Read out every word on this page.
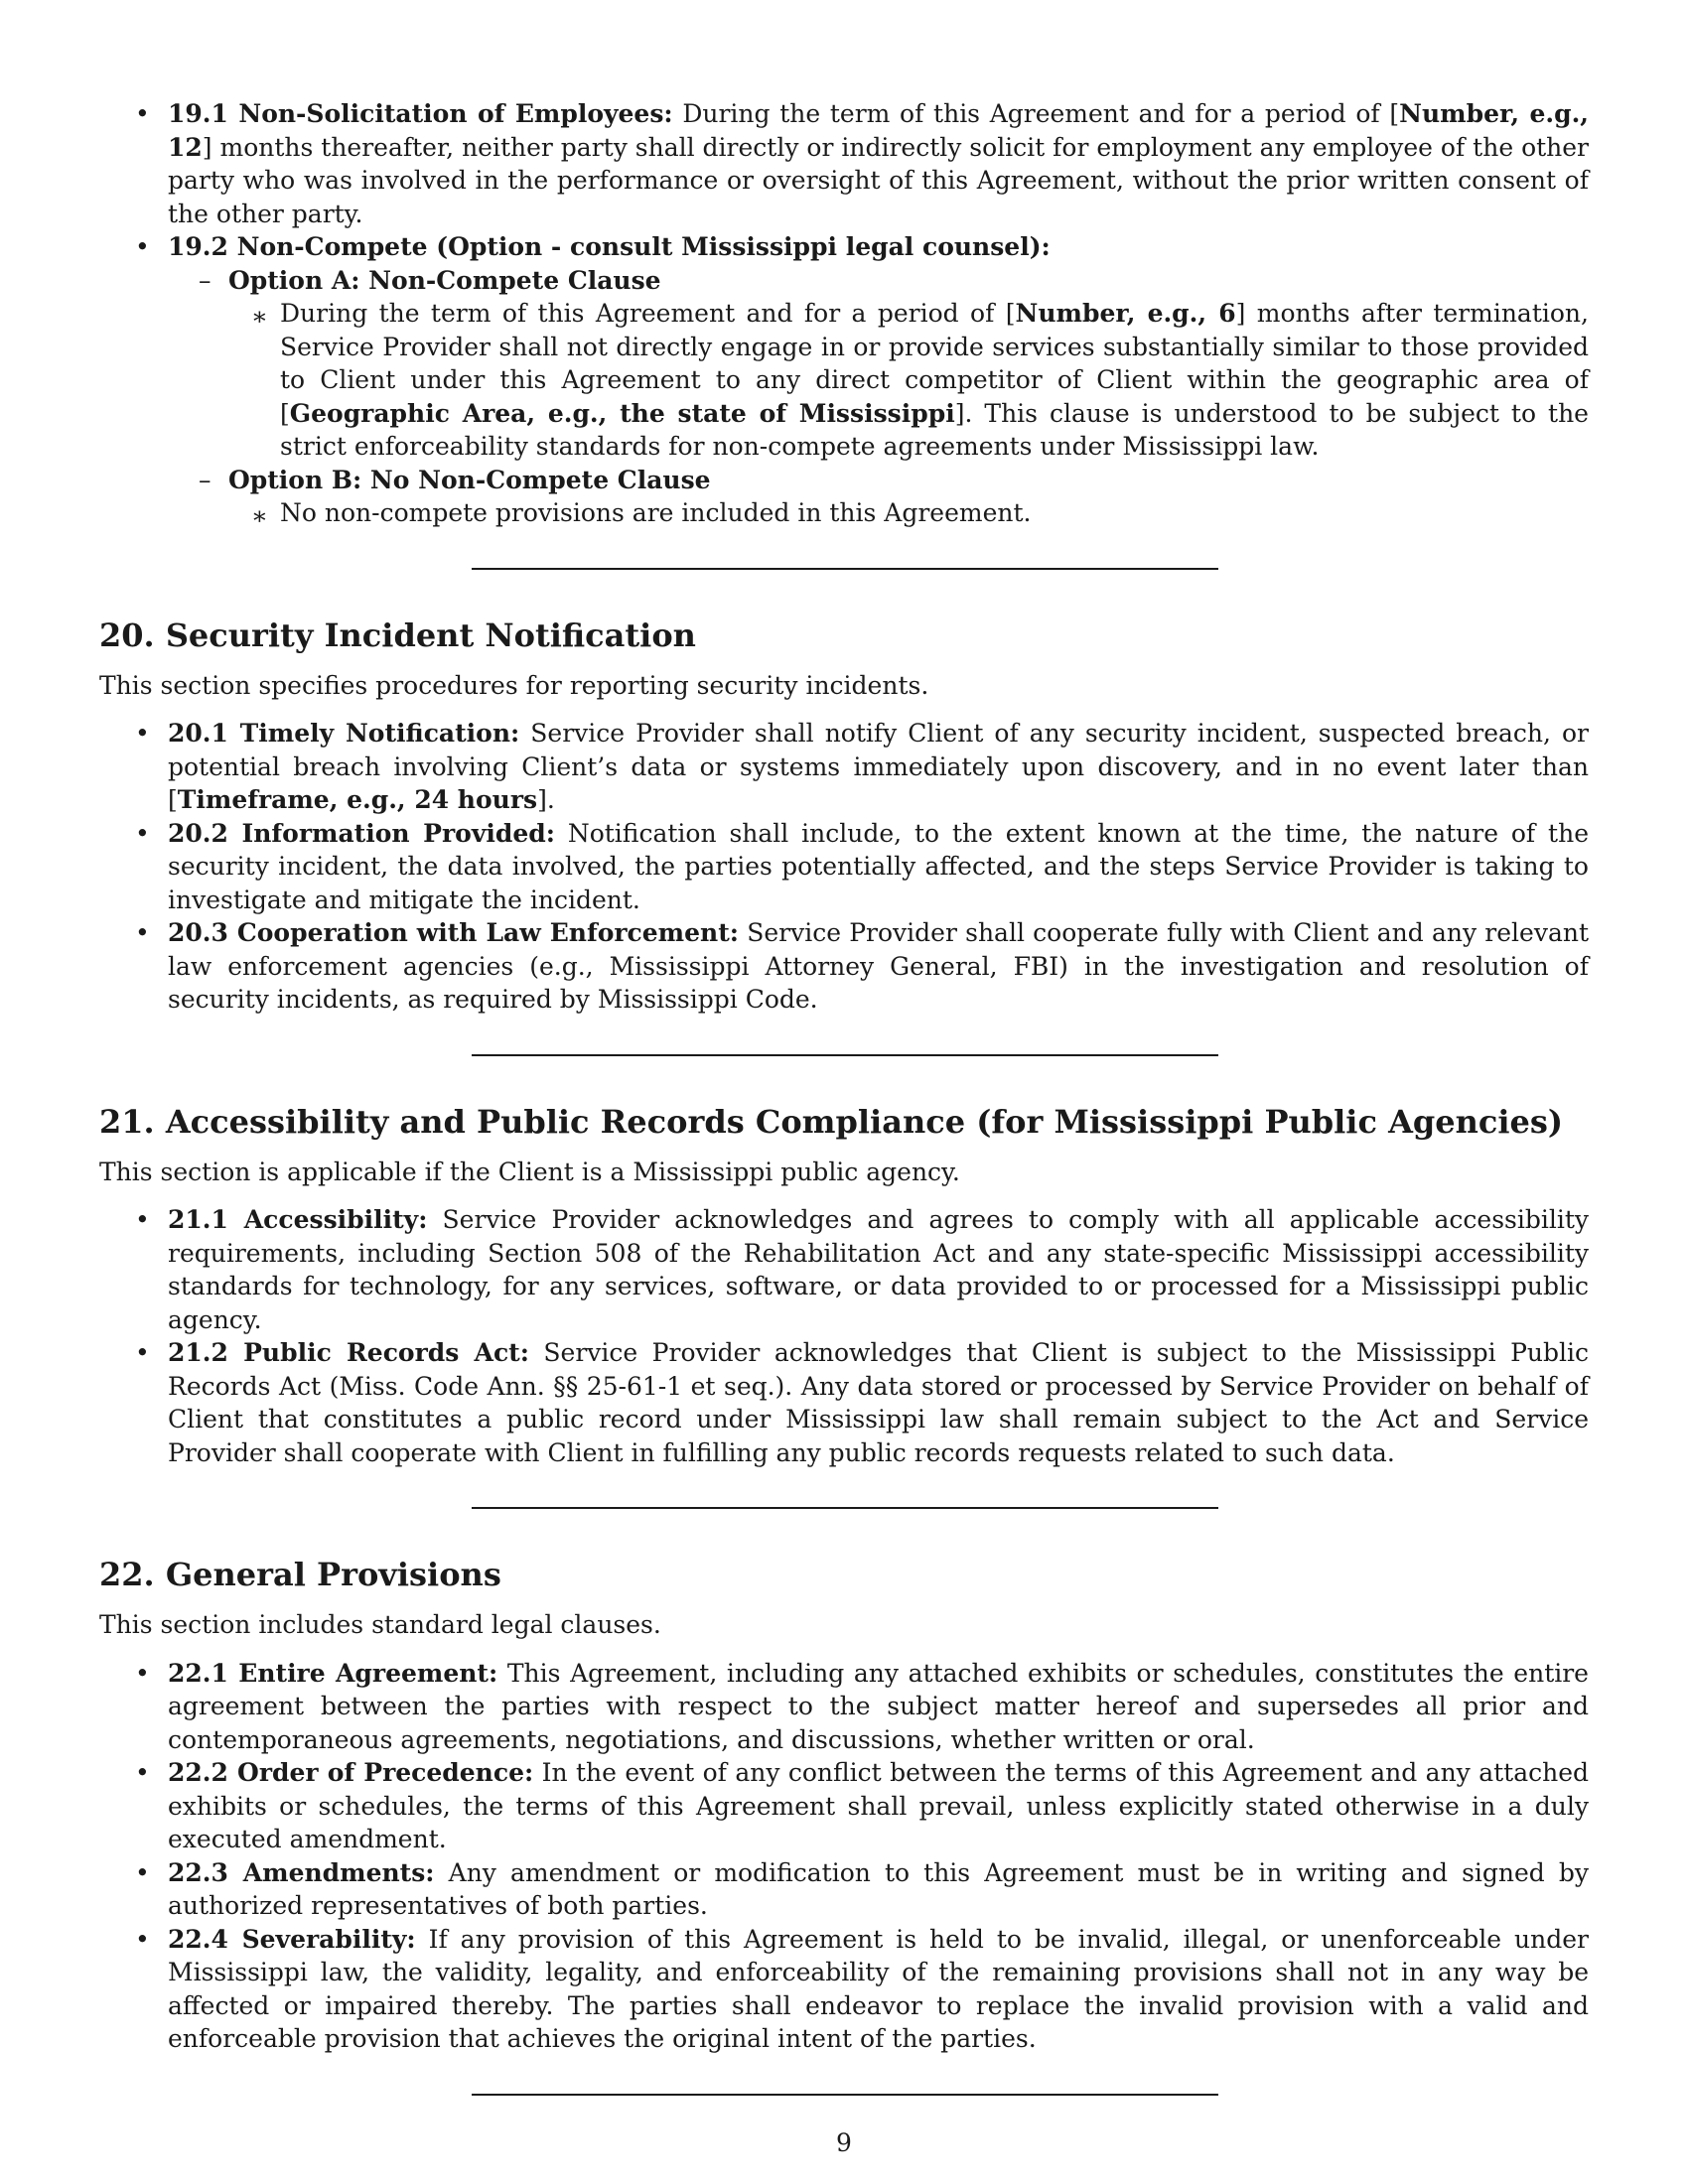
• 19.1 Non-Solicitation of Employees: During the term of this Agreement and for a period of [Number, e.g., 12] months thereafter, neither party shall directly or indirectly solicit for employment any employee of the other party who was involved in the performance or oversight of this Agreement, without the prior written consent of the other party.
• 19.2 Non-Compete (Option - consult Mississippi legal counsel):
– Option A: Non-Compete Clause
∗ During the term of this Agreement and for a period of [Number, e.g., 6] months after termination, Service Provider shall not directly engage in or provide services substantially similar to those provided to Client under this Agreement to any direct competitor of Client within the geographic area of [Geographic Area, e.g., the state of Mississippi]. This clause is understood to be subject to the strict enforceability standards for non-compete agreements under Mississippi law.
– Option B: No Non-Compete Clause
∗ No non-compete provisions are included in this Agreement.
20. Security Incident Notification

This section specifies procedures for reporting security incidents.

• 20.1 Timely Notification: Service Provider shall notify Client of any security incident, suspected breach, or potential breach involving Client’s data or systems immediately upon discovery, and in no event later than [Timeframe, e.g., 24 hours].
• 20.2 Information Provided: Notification shall include, to the extent known at the time, the nature of the security incident, the data involved, the parties potentially affected, and the steps Service Provider is taking to investigate and mitigate the incident.
• 20.3 Cooperation with Law Enforcement: Service Provider shall cooperate fully with Client and any relevant law enforcement agencies (e.g., Mississippi Attorney General, FBI) in the investigation and resolution of security incidents, as required by Mississippi Code.
21. Accessibility and Public Records Compliance (for Mississippi Public Agencies)

This section is applicable if the Client is a Mississippi public agency.

• 21.1 Accessibility: Service Provider acknowledges and agrees to comply with all applicable accessibility requirements, including Section 508 of the Rehabilitation Act and any state-specific Mississippi accessibility standards for technology, for any services, software, or data provided to or processed for a Mississippi public agency.
• 21.2 Public Records Act: Service Provider acknowledges that Client is subject to the Mississippi Public Records Act (Miss. Code Ann. §§ 25-61-1 et seq.). Any data stored or processed by Service Provider on behalf of Client that constitutes a public record under Mississippi law shall remain subject to the Act and Service Provider shall cooperate with Client in fulfilling any public records requests related to such data.
22. General Provisions

This section includes standard legal clauses.

• 22.1 Entire Agreement: This Agreement, including any attached exhibits or schedules, constitutes the entire agreement between the parties with respect to the subject matter hereof and supersedes all prior and contemporaneous agreements, negotiations, and discussions, whether written or oral.
• 22.2 Order of Precedence: In the event of any conflict between the terms of this Agreement and any attached exhibits or schedules, the terms of this Agreement shall prevail, unless explicitly stated otherwise in a duly executed amendment.
• 22.3 Amendments: Any amendment or modification to this Agreement must be in writing and signed by authorized representatives of both parties.
• 22.4 Severability: If any provision of this Agreement is held to be invalid, illegal, or unenforceable under Mississippi law, the validity, legality, and enforceability of the remaining provisions shall not in any way be affected or impaired thereby. The parties shall endeavor to replace the invalid provision with a valid and enforceable provision that achieves the original intent of the parties.
9
